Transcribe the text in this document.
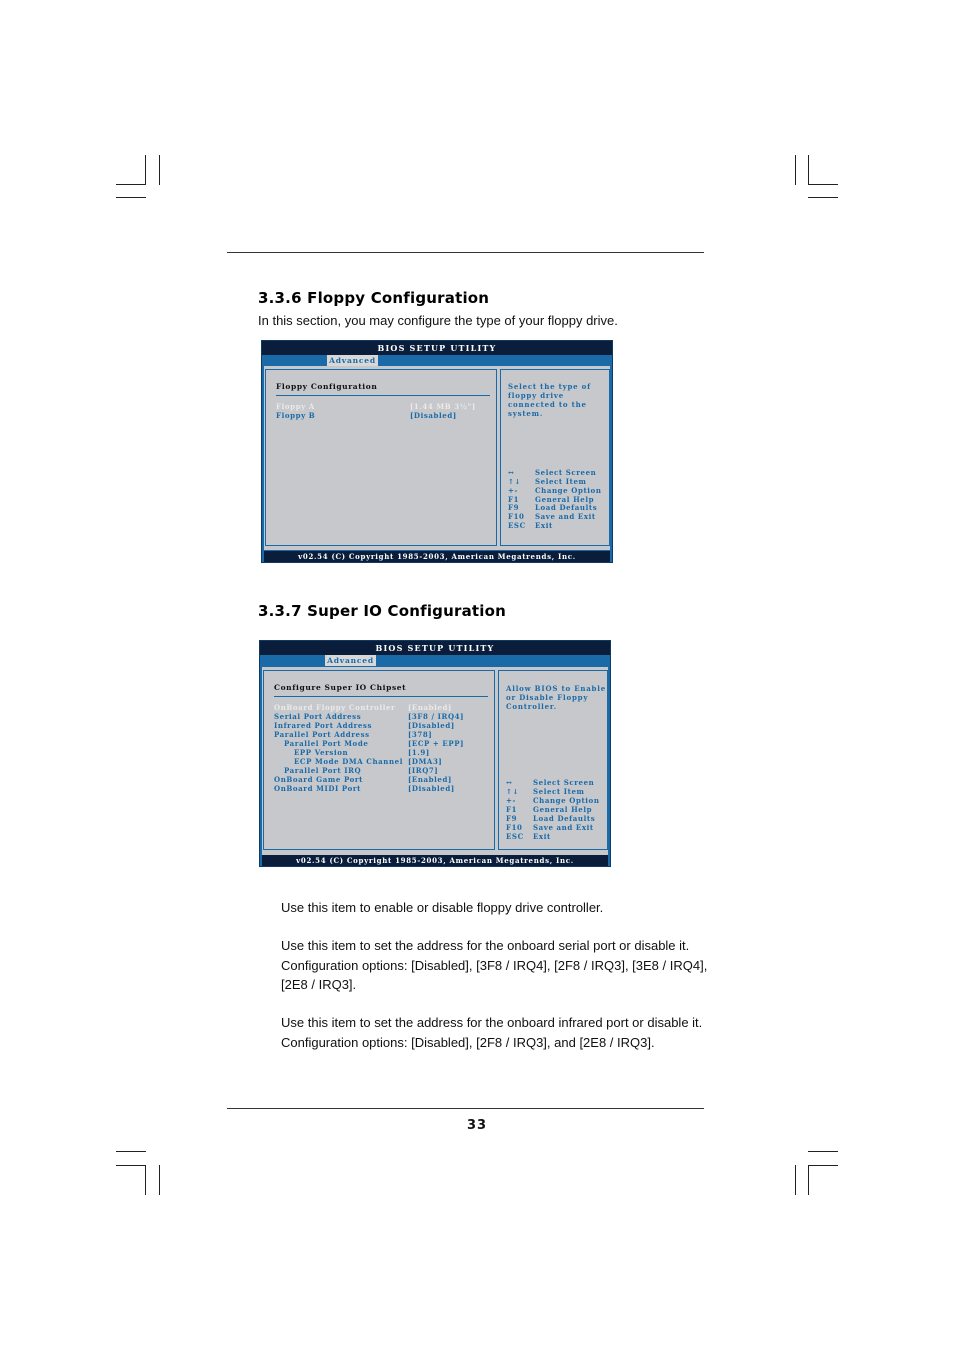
3.3.6 Floppy Configuration
In this section, you may configure the type of your floppy drive.
BIOS SETUP UTILITY
Advanced
Floppy Configuration
Floppy A	[1.44 MB 3½"]
Floppy B	[Disabled]

Select the type of

floppy drive

connected to the

system.

↔	Select Screen
↑↓ Select Item
+- Change Option
F1 General Help
F9 Load Defaults
F10 Save and Exit
ESC Exit
v02.54 (C) Copyright 1985-2003, American Megatrends, Inc.
3.3.7 Super IO Configuration
BIOS SETUP UTILITY
Advanced
Configure Super IO Chipset
OnBoard Floppy Controller [Enabled]
Serial Port Address	[3F8 / IRQ4]
Infrared Port Address	[Disabled]
Parallel Port Address	[378]
Parallel Port Mode	[ECP + EPP]
EPP Version	[1.9]
ECP Mode DMA Channel [DMA3]
Parallel Port IRQ	[IRQ7]
OnBoard Game Port	[Enabled]
OnBoard MIDI Port	[Disabled]

Allow BIOS to Enable

or Disable Floppy

Controller.

↔	Select Screen
↑↓ Select Item
+- Change Option
F1 General Help
F9 Load Defaults
F10 Save and Exit
ESC Exit
v02.54 (C) Copyright 1985-2003, American Megatrends, Inc.

Use this item to enable or disable floppy drive controller.

Use this item to set the address for the onboard serial port or disable it.

Configuration options: [Disabled], [3F8 / IRQ4], [2F8 / IRQ3], [3E8 / IRQ4],

[2E8 / IRQ3].

Use this item to set the address for the onboard infrared port or disable it.

Configuration options: [Disabled], [2F8 / IRQ3], and [2E8 / IRQ3].

33
